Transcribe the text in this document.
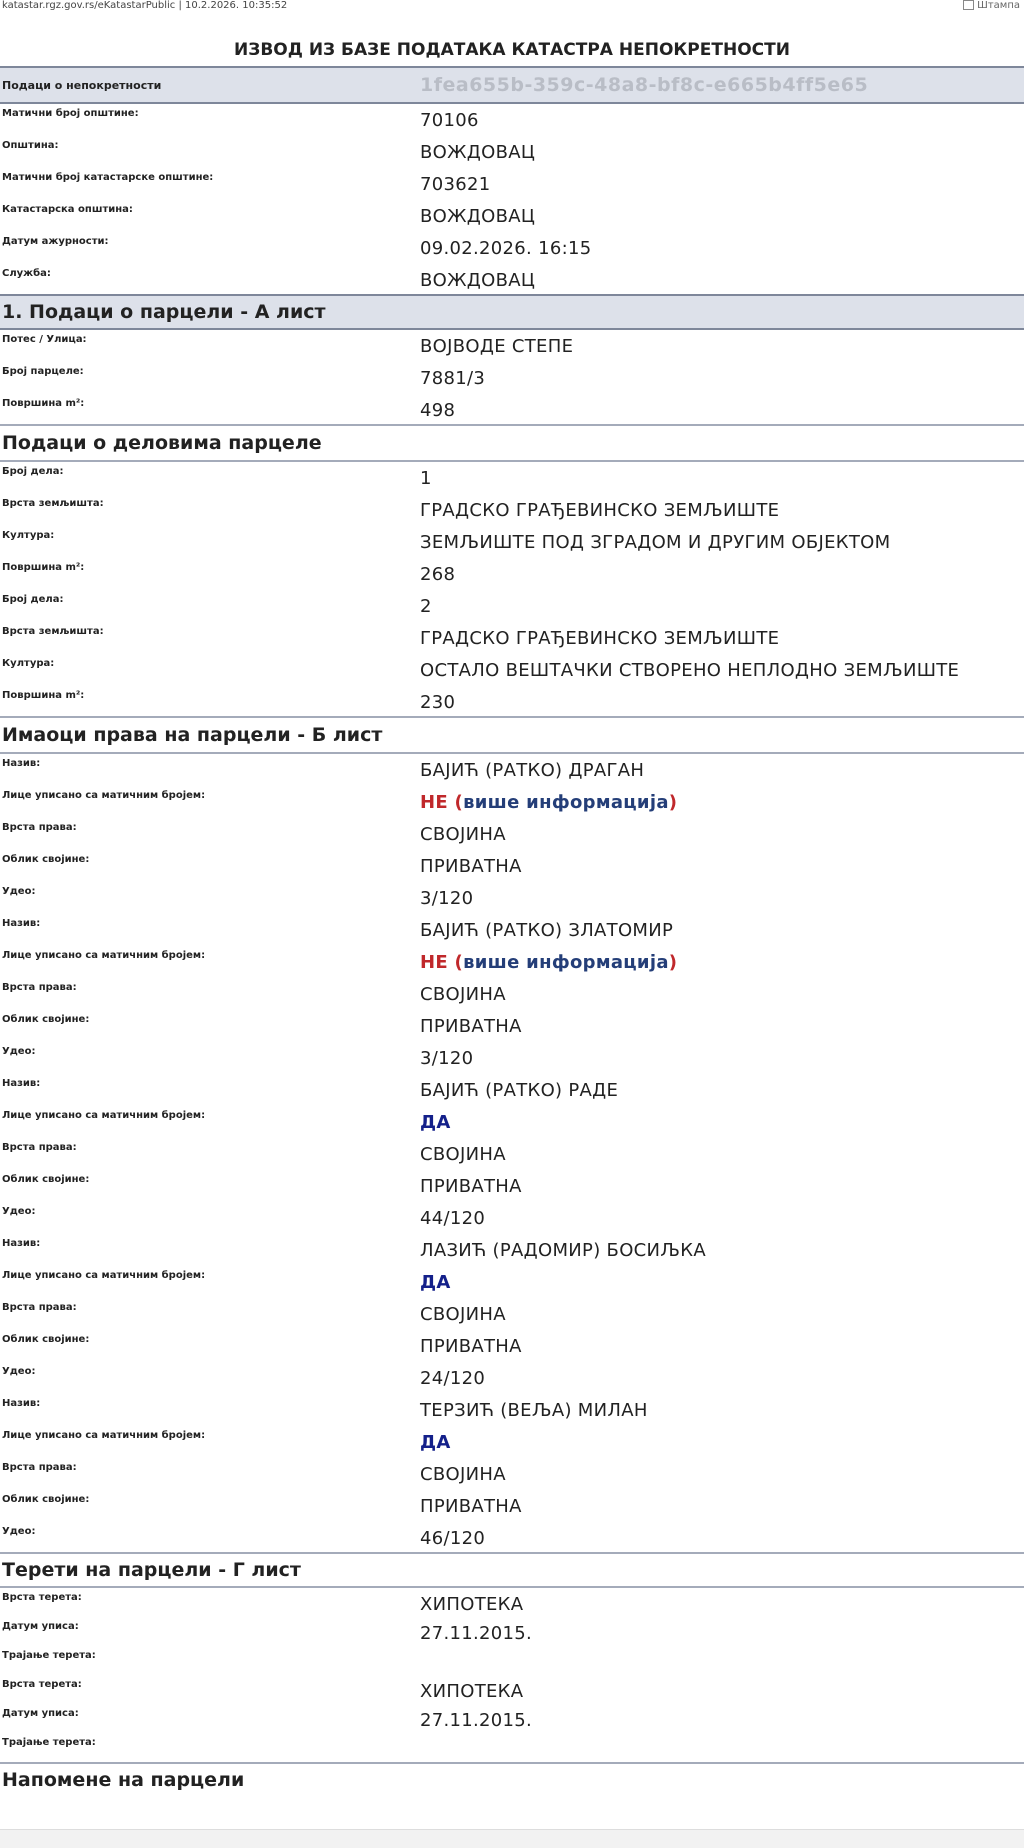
katastar.rgz.gov.rs/eKatastarPublic | 10.2.2026. 10:35:52	Штампа
ИЗВОД ИЗ БАЗЕ ПОДАТАКА КАТАСТРА НЕПОКРЕТНОСТИ
Подаци о непокретности	1fea655b-359c-48a8-bf8c-e665b4ff5e65
Матични број општине:	70106
Општина:	ВОЖДОВАЦ
Матични број катастарске општине:	703621
Катастарска општина:	ВОЖДОВАЦ
Датум ажурности:	09.02.2026. 16:15
Служба:	ВОЖДОВАЦ
1. Подаци о парцели - А лист
Потес / Улица:	ВОЈВОДЕ СТЕПЕ
Број парцеле:	7881/3
Површина m²:	498
Подаци о деловима парцеле
Број дела:	1
Врста земљишта:	ГРАДСКО ГРАЂЕВИНСКО ЗЕМЉИШТЕ
Култура:	ЗЕМЉИШТЕ ПОД ЗГРАДОМ И ДРУГИМ ОБЈЕКТОМ
Површина m²:	268
Број дела:	2
Врста земљишта:	ГРАДСКО ГРАЂЕВИНСКО ЗЕМЉИШТЕ
Култура:	ОСТАЛО ВЕШТАЧКИ СТВОРЕНО НЕПЛОДНО ЗЕМЉИШТЕ
Површина m²:	230
Имаоци права на парцели - Б лист
Назив:	БАЈИЋ (РАТКО) ДРАГАН
Лице уписано са матичним бројем:	НЕ (више информација)
Врста права:	СВОЈИНА
Облик својине:	ПРИВАТНА
Удео:	3/120
Назив:	БАЈИЋ (РАТКО) ЗЛАТОМИР
Лице уписано са матичним бројем:	НЕ (више информација)
Врста права:	СВОЈИНА
Облик својине:	ПРИВАТНА
Удео:	3/120
Назив:	БАЈИЋ (РАТКО) РАДЕ
Лице уписано са матичним бројем:	ДА
Врста права:	СВОЈИНА
Облик својине:	ПРИВАТНА
Удео:	44/120
Назив:	ЛАЗИЋ (РАДОМИР) БОСИЉКА
Лице уписано са матичним бројем:	ДА
Врста права:	СВОЈИНА
Облик својине:	ПРИВАТНА
Удео:	24/120
Назив:	ТЕРЗИЋ (ВЕЉА) МИЛАН
Лице уписано са матичним бројем:	ДА
Врста права:	СВОЈИНА
Облик својине:	ПРИВАТНА
Удео:	46/120
Терети на парцели - Г лист
Врста терета:	ХИПОТЕКА
Датум уписа:	27.11.2015.
Трајање терета:
Врста терета:	ХИПОТЕКА
Датум уписа:	27.11.2015.
Трајање терета:
Напомене на парцели
